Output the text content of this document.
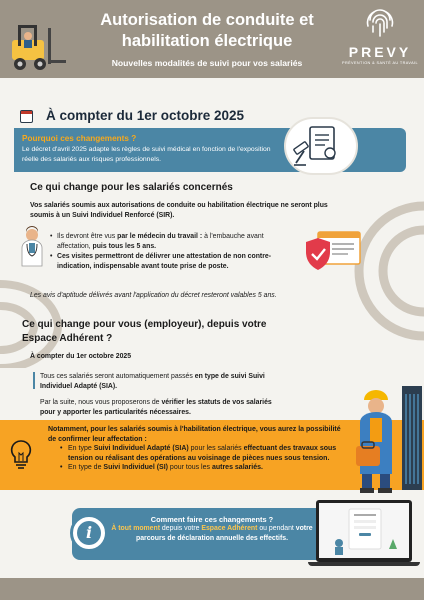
Autorisation de conduite et
habilitation électrique
Nouvelles modalités de suivi pour vos salariés
PREVY
PRÉVENTION & SANTÉ AU TRAVAIL
À compter du 1er octobre 2025
Pourquoi ces changements ?
Le décret d'avril 2025 adapte les règles de suivi médical en fonction de l'exposition réelle des salariés aux risques professionnels.
Ce qui change pour les salariés concernés
Vos salariés soumis aux autorisations de conduite ou habilitation électrique ne seront plus soumis à un Suivi Individuel Renforcé (SIR).
• Ils devront être vus par le médecin du travail : à l'embauche avant affectation, puis tous les 5 ans.
• Ces visites permettront de délivrer une attestation de non contre-indication, indispensable avant toute prise de poste.
Les avis d'aptitude délivrés avant l'application du décret resteront valables 5 ans.
Ce qui change pour vous (employeur), depuis votre
Espace Adhérent ?
À compter du 1er octobre 2025
Tous ces salariés seront automatiquement passés en type de suivi Suivi Individuel Adapté (SIA).
Par la suite, nous vous proposerons de vérifier les statuts de vos salariés pour y apporter les particularités nécessaires.
Notamment, pour les salariés soumis à l'habilitation électrique, vous aurez la possibilité de confirmer leur affectation :
• En type Suivi Individuel Adapté (SIA) pour les salariés effectuant des travaux sous tension ou réalisant des opérations au voisinage de pièces nues sous tension.
• En type de Suivi Individuel (SI) pour tous les autres salariés.
i
Comment faire ces changements ?
À tout moment depuis votre Espace Adhérent ou pendant votre parcours de déclaration annuelle des effectifs.
